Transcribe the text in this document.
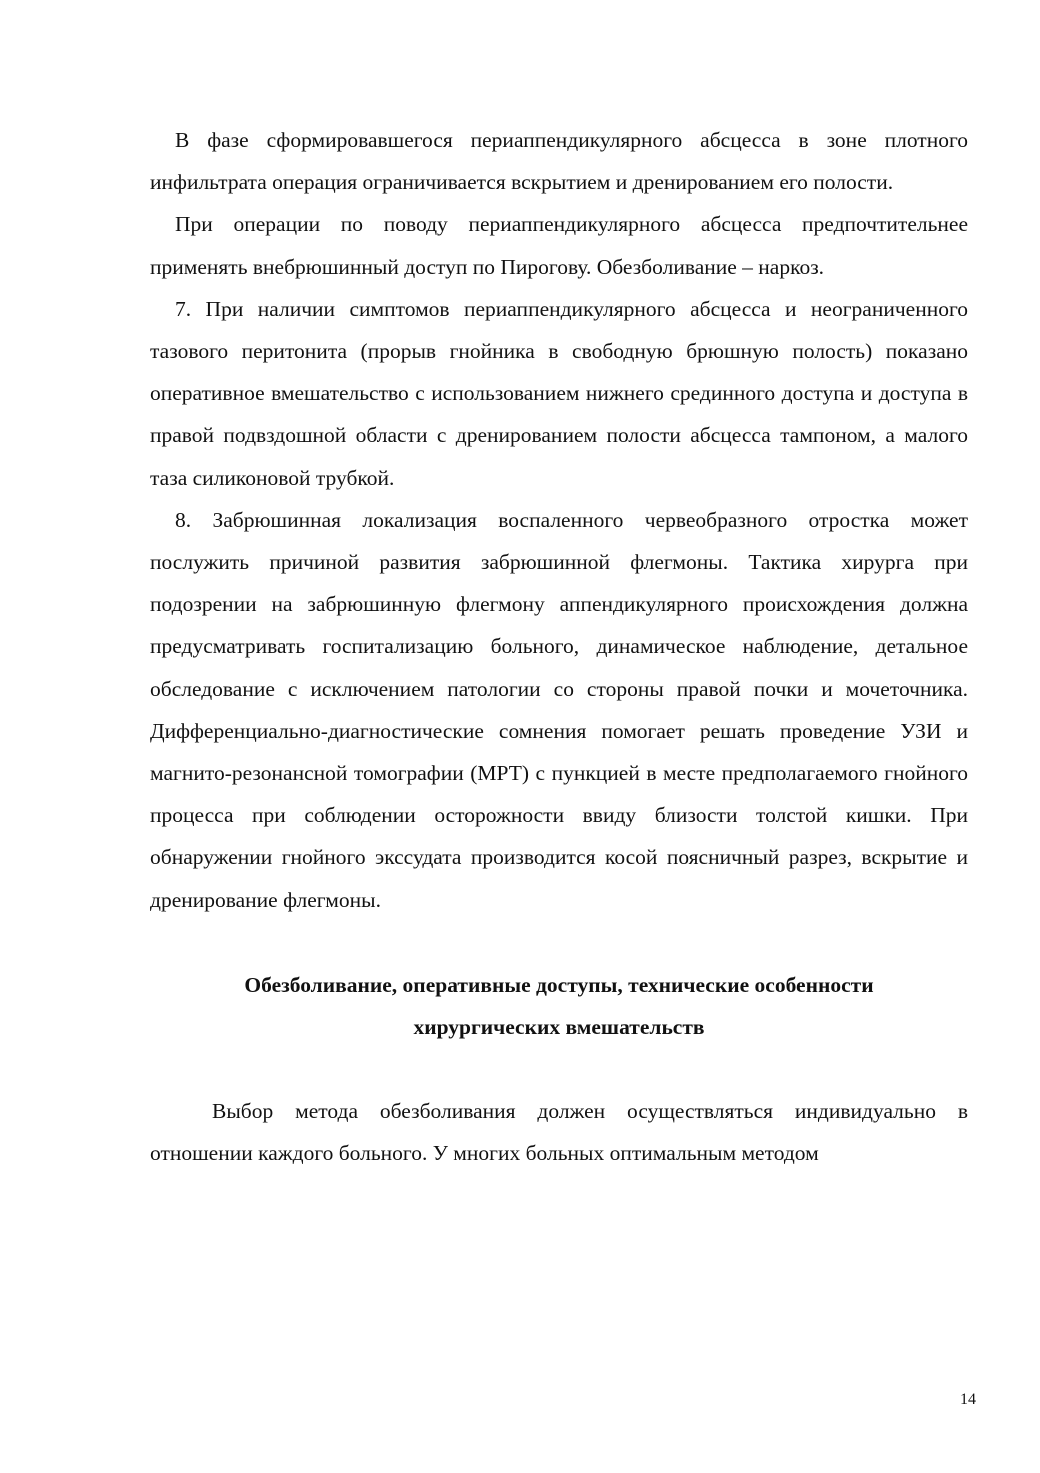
В фазе сформировавшегося периаппендикулярного абсцесса в зоне плотного инфильтрата операция ограничивается вскрытием и дренированием его полости.

При операции по поводу периаппендикулярного абсцесса предпочтительнее применять внебрюшинный доступ по Пирогову. Обезболивание – наркоз.

7. При наличии симптомов периаппендикулярного абсцесса и неограниченного тазового перитонита (прорыв гнойника в свободную брюшную полость) показано оперативное вмешательство с использованием нижнего срединного доступа и доступа в правой подвздошной области с дренированием полости абсцесса тампоном, а малого таза силиконовой трубкой.

8. Забрюшинная локализация воспаленного червеобразного отростка может послужить причиной развития забрюшинной флегмоны. Тактика хирурга при подозрении на забрюшинную флегмону аппендикулярного происхождения должна предусматривать госпитализацию больного, динамическое наблюдение, детальное обследование с исключением патологии со стороны правой почки и мочеточника. Дифференциально-диагностические сомнения помогает решать проведение УЗИ и магнито-резонансной томографии (МРТ) с пункцией в месте предполагаемого гнойного процесса при соблюдении осторожности ввиду близости толстой кишки. При обнаружении гнойного экссудата производится косой поясничный разрез, вскрытие и дренирование флегмоны.

Обезболивание, оперативные доступы, технические особенности

хирургических вмешательств

Выбор метода обезболивания должен осуществляться индивидуально в отношении каждого больного. У многих больных оптимальным методом

14
